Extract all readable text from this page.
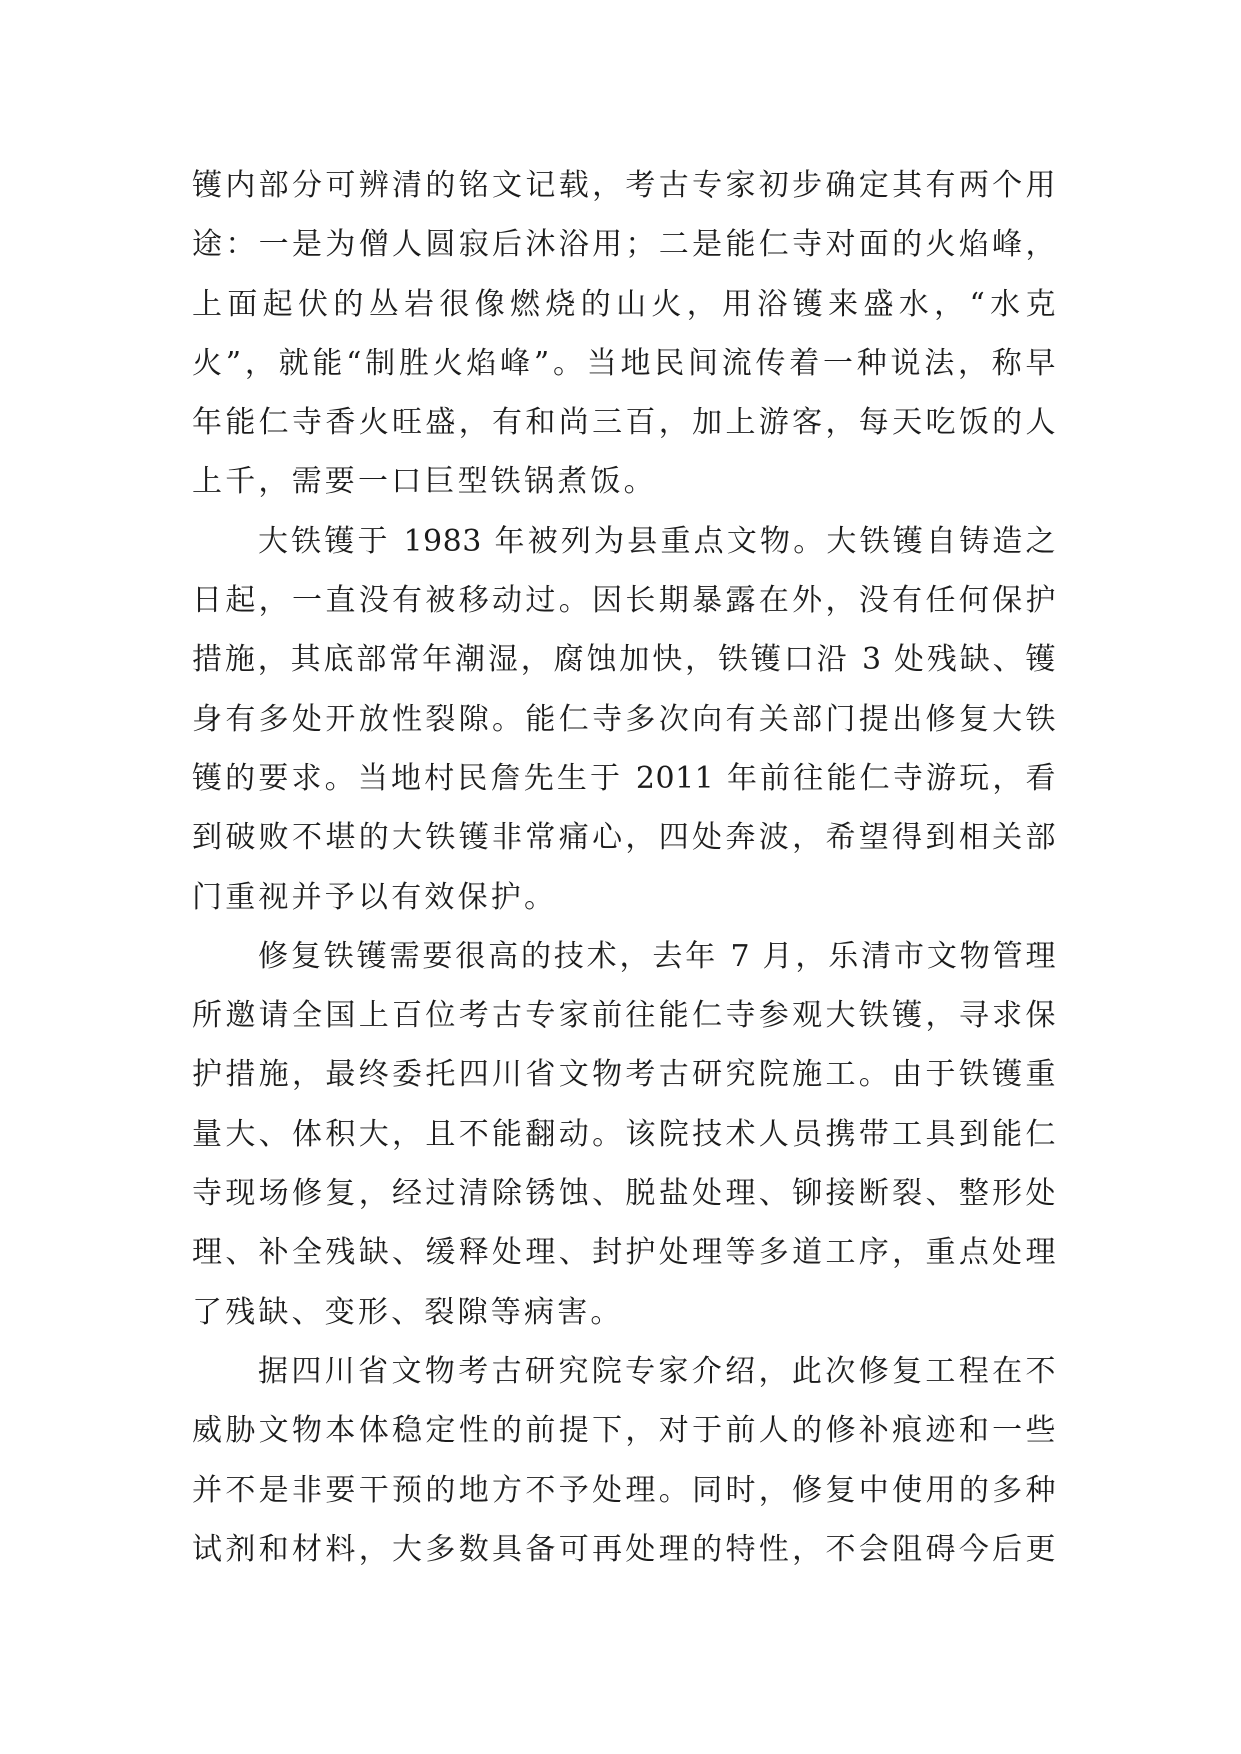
镬内部分可辨清的铭文记载，考古专家初步确定其有两个用
途：一是为僧人圆寂后沐浴用；二是能仁寺对面的火焰峰，
上面起伏的丛岩很像燃烧的山火，用浴镬来盛水，“水克
火”，就能“制胜火焰峰”。当地民间流传着一种说法，称早
年能仁寺香火旺盛，有和尚三百，加上游客，每天吃饭的人
上千，需要一口巨型铁锅煮饭。
大铁镬于 1983 年被列为县重点文物。大铁镬自铸造之
日起，一直没有被移动过。因长期暴露在外，没有任何保护
措施，其底部常年潮湿，腐蚀加快，铁镬口沿 3 处残缺、镬
身有多处开放性裂隙。能仁寺多次向有关部门提出修复大铁
镬的要求。当地村民詹先生于 2011 年前往能仁寺游玩，看
到破败不堪的大铁镬非常痛心，四处奔波，希望得到相关部
门重视并予以有效保护。
修复铁镬需要很高的技术，去年 7 月，乐清市文物管理
所邀请全国上百位考古专家前往能仁寺参观大铁镬，寻求保
护措施，最终委托四川省文物考古研究院施工。由于铁镬重
量大、体积大，且不能翻动。该院技术人员携带工具到能仁
寺现场修复，经过清除锈蚀、脱盐处理、铆接断裂、整形处
理、补全残缺、缓释处理、封护处理等多道工序，重点处理
了残缺、变形、裂隙等病害。
据四川省文物考古研究院专家介绍，此次修复工程在不
威胁文物本体稳定性的前提下，对于前人的修补痕迹和一些
并不是非要干预的地方不予处理。同时，修复中使用的多种
试剂和材料，大多数具备可再处理的特性，不会阻碍今后更
